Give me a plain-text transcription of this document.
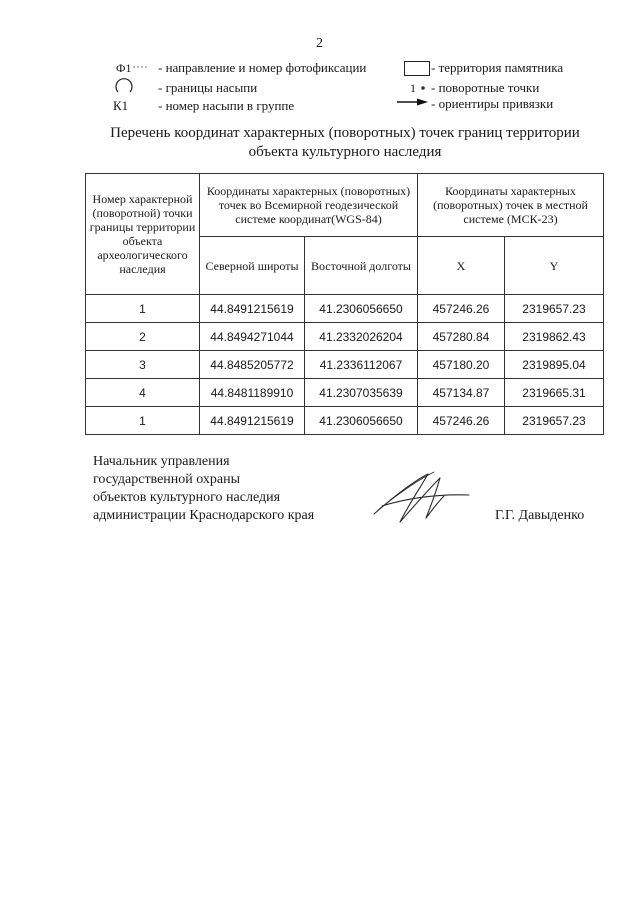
2
Ф1 - направление и номер фотофиксации
- границы насыпи
К1 - номер насыпи в группе
- территория памятника
1 - поворотные точки
- ориентиры привязки
Перечень координат характерных (поворотных) точек границ территории
объекта культурного наследия
Номер характерной (поворотной) точки границы территории объекта археологического наследия	Координаты характерных (поворотных) точек во Всемирной геодезической системе координат(WGS-84)		Координаты характерных (поворотных) точек в местной системе (МСК-23)	
	Северной широты	Восточной долготы	X	Y
1	44.8491215619	41.2306056650	457246.26	2319657.23
2	44.8494271044	41.2332026204	457280.84	2319862.43
3	44.8485205772	41.2336112067	457180.20	2319895.04
4	44.8481189910	41.2307035639	457134.87	2319665.31
1	44.8491215619	41.2306056650	457246.26	2319657.23
Начальник управления
государственной охраны
объектов культурного наследия
администрации Краснодарского края	Г.Г. Давыденко
